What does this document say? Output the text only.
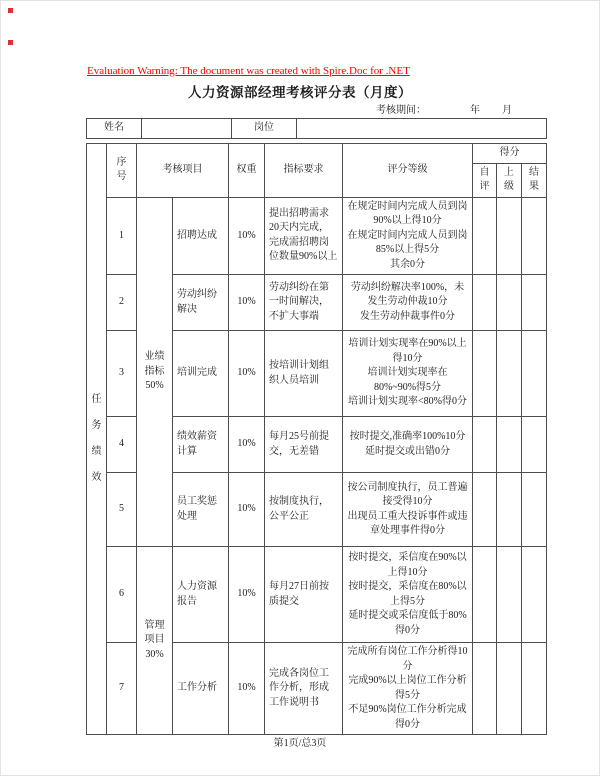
Evaluation Warning: The document was created with Spire.Doc for .NET
人力资源部经理考核评分表（月度）
考核期间：	年 月
姓名		岗位	
任务绩效	序号	考核项目		权重	指标要求	评分等级	得分		
							自评	上级	结果
	1	业绩指标50%	招聘达成	10%	提出招聘需求20天内完成，完成需招聘岗位数量90%以上	在规定时间内完成人员到岗90%以上得10分
在规定时间内完成人员到岗85%以上得5分
其余0分			
	2		劳动纠纷解决	10%	劳动纠纷在第一时间解决，不扩大事端	劳动纠纷解决率100%，未发生劳动仲裁10分
发生劳动仲裁事件0分			
	3		培训完成	10%	按培训计划组织人员培训	培训计划实现率在90%以上得10分
培训计划实现率在80%~90%得5分
培训计划实现率<80%得0分			
	4		绩效薪资计算	10%	每月25号前提交，无差错	按时提交,准确率100%10分
延时提交或出错0分			
	5		员工奖惩处理	10%	按制度执行，公平公正	按公司制度执行，员工普遍接受得10分
出现员工重大投诉事件或违章处理事件得0分			
	6	管理项目30%	人力资源报告	10%	每月27日前按质提交	按时提交，采信度在90%以上得10分
按时提交，采信度在80%以上得5分
延时提交或采信度低于80%得0分			
	7		工作分析	10%	完成各岗位工作分析，形成工作说明书	完成所有岗位工作分析得10分
完成90%以上岗位工作分析得5分
不足90%岗位工作分析完成得0分			
第1页/总3页
